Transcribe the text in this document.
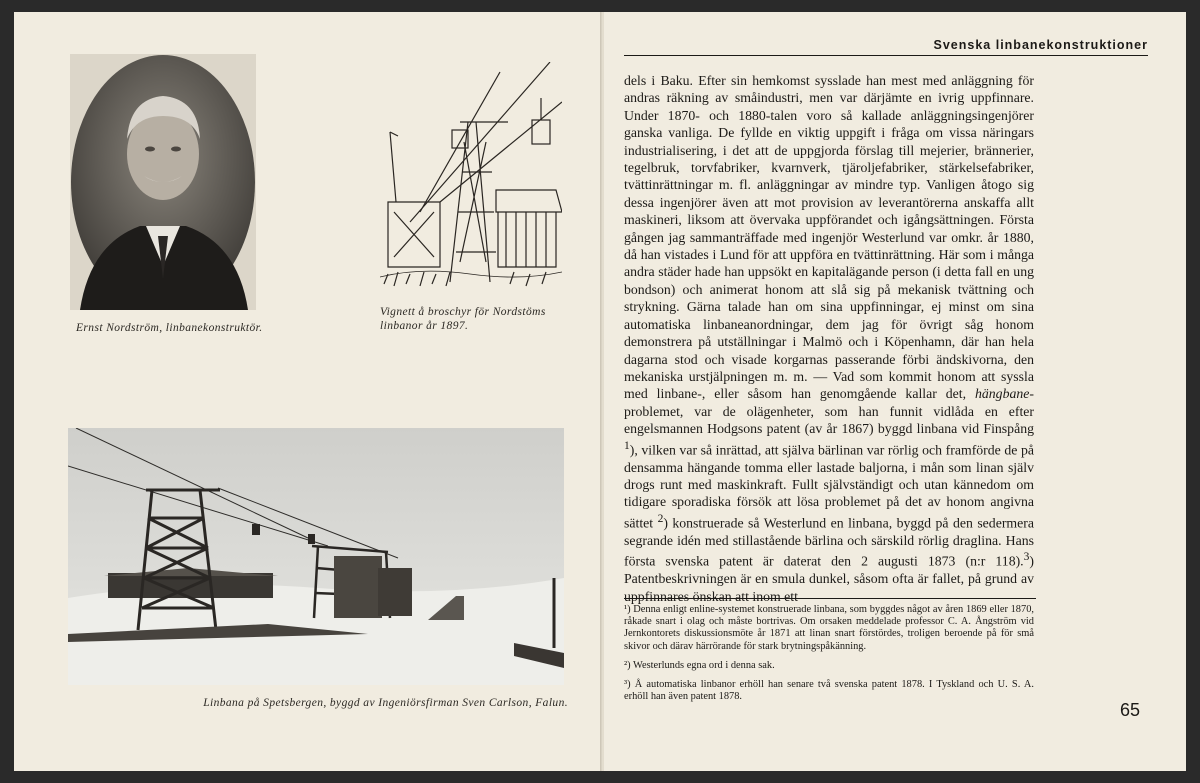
Ernst Nordström, linbanekonstruktör.
Vignett å broschyr för Nordstöms
linbanor år 1897.
Linbana på Spetsbergen, byggd av Ingeniörsfirman Sven Carlson, Falun.
Svenska linbanekonstruktioner

dels i Baku. Efter sin hemkomst sysslade han mest med anläggning för andras räkning av småindustri, men var därjämte en ivrig uppfinnare. Under 1870- och 1880-talen voro så kallade anläggningsingenjörer ganska vanliga. De fyllde en viktig uppgift i fråga om vissa näringars industrialisering, i det att de uppgjorda förslag till mejerier, brännerier, tegelbruk, torvfabriker, kvarnverk, tjäroljefabriker, stärkelsefabriker, tvättinrättningar m. fl. anläggningar av mindre typ. Vanligen åtogo sig dessa ingenjörer även att mot provision av leverantörerna anskaffa allt maskineri, liksom att övervaka uppförandet och igångsättningen. Första gången jag sammanträffade med ingenjör Westerlund var omkr. år 1880, då han vistades i Lund för att uppföra en tvättinrättning. Här som i många andra städer hade han uppsökt en kapitalägande person (i detta fall en ung bondson) och animerat honom att slå sig på mekanisk tvättning och strykning. Gärna talade han om sina uppfinningar, ej minst om sina automatiska linbaneanordningar, dem jag för övrigt såg honom demonstrera på utställningar i Malmö och i Köpenhamn, där han hela dagarna stod och visade korgarnas passerande förbi ändskivorna, den mekaniska urstjälpningen m. m. — Vad som kommit honom att syssla med linbane-, eller såsom han genomgående kallar det, hängbane-problemet, var de olägenheter, som han funnit vidlåda en efter engelsmannen Hodgsons patent (av år 1867) byggd linbana vid Finspång $^1$), vilken var så inrättad, att själva bärlinan var rörlig och framförde de på densamma hängande tomma eller lastade baljorna, i mån som linan själv drogs runt med maskinkraft. Fullt självständigt och utan kännedom om tidigare sporadiska försök att lösa problemet på det av honom angivna sättet $^2$) konstruerade så Westerlund en linbana, byggd på den sedermera segrande idén med stillastående bärlina och särskild rörlig draglina. Hans första svenska patent är daterat den 2 augusti 1873 (n:r 118).$^3$) Patentbeskrivningen är en smula dunkel, såsom ofta är fallet, på grund av uppfinnares önskan att inom ett

¹) Denna enligt enline-systemet konstruerade linbana, som byggdes något av åren 1869 eller 1870, råkade snart i olag och måste bortrivas. Om orsaken meddelade professor C. A. Ångström vid Jernkontorets diskussionsmöte år 1871 att linan snart förstördes, troligen beroende på för små skivor och därav härrörande för stark brytningspåkänning.

²) Westerlunds egna ord i denna sak.

³) Å automatiska linbanor erhöll han senare två svenska patent 1878. I Tyskland och U. S. A. erhöll han även patent 1878.

65
